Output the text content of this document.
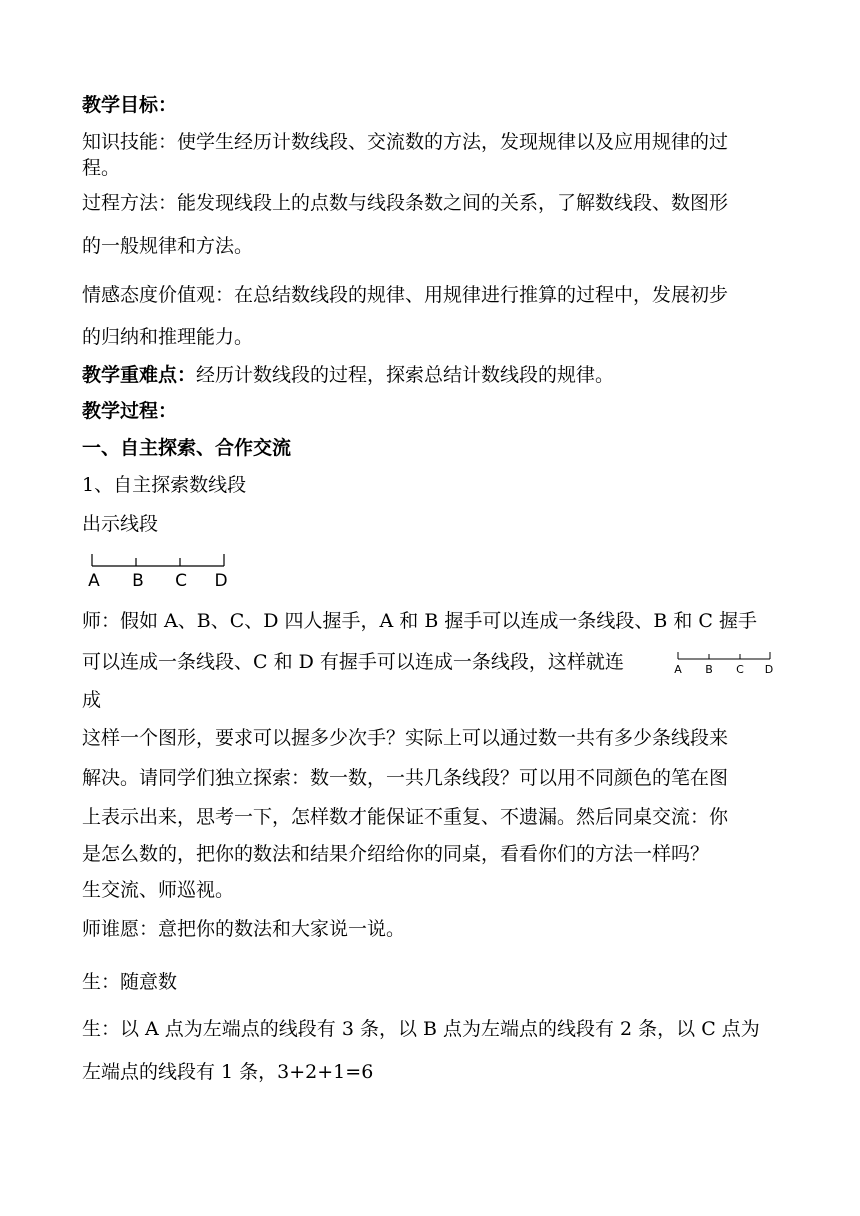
教学目标：
知识技能：使学生经历计数线段、交流数的方法，发现规律以及应用规律的过
程。
过程方法：能发现线段上的点数与线段条数之间的关系，了解数线段、数图形
的一般规律和方法。
情感态度价值观：在总结数线段的规律、用规律进行推算的过程中，发展初步
的归纳和推理能力。
教学重难点：经历计数线段的过程，探索总结计数线段的规律。
教学过程：
一、自主探索、合作交流
1、自主探索数线段
出示线段
A B C D
师：假如 A、B、C、D 四人握手，A 和 B 握手可以连成一条线段、B 和 C 握手
可以连成一条线段、C 和 D 有握手可以连成一条线段，这样就连	A B C D
成
这样一个图形，要求可以握多少次手？实际上可以通过数一共有多少条线段来
解决。请同学们独立探索：数一数，一共几条线段？可以用不同颜色的笔在图
上表示出来，思考一下，怎样数才能保证不重复、不遗漏。然后同桌交流：你
是怎么数的，把你的数法和结果介绍给你的同桌，看看你们的方法一样吗？
生交流、师巡视。
师谁愿：意把你的数法和大家说一说。
生：随意数
生：以 A 点为左端点的线段有 3 条，以 B 点为左端点的线段有 2 条，以 C 点为
左端点的线段有 1 条，3+2+1=6
